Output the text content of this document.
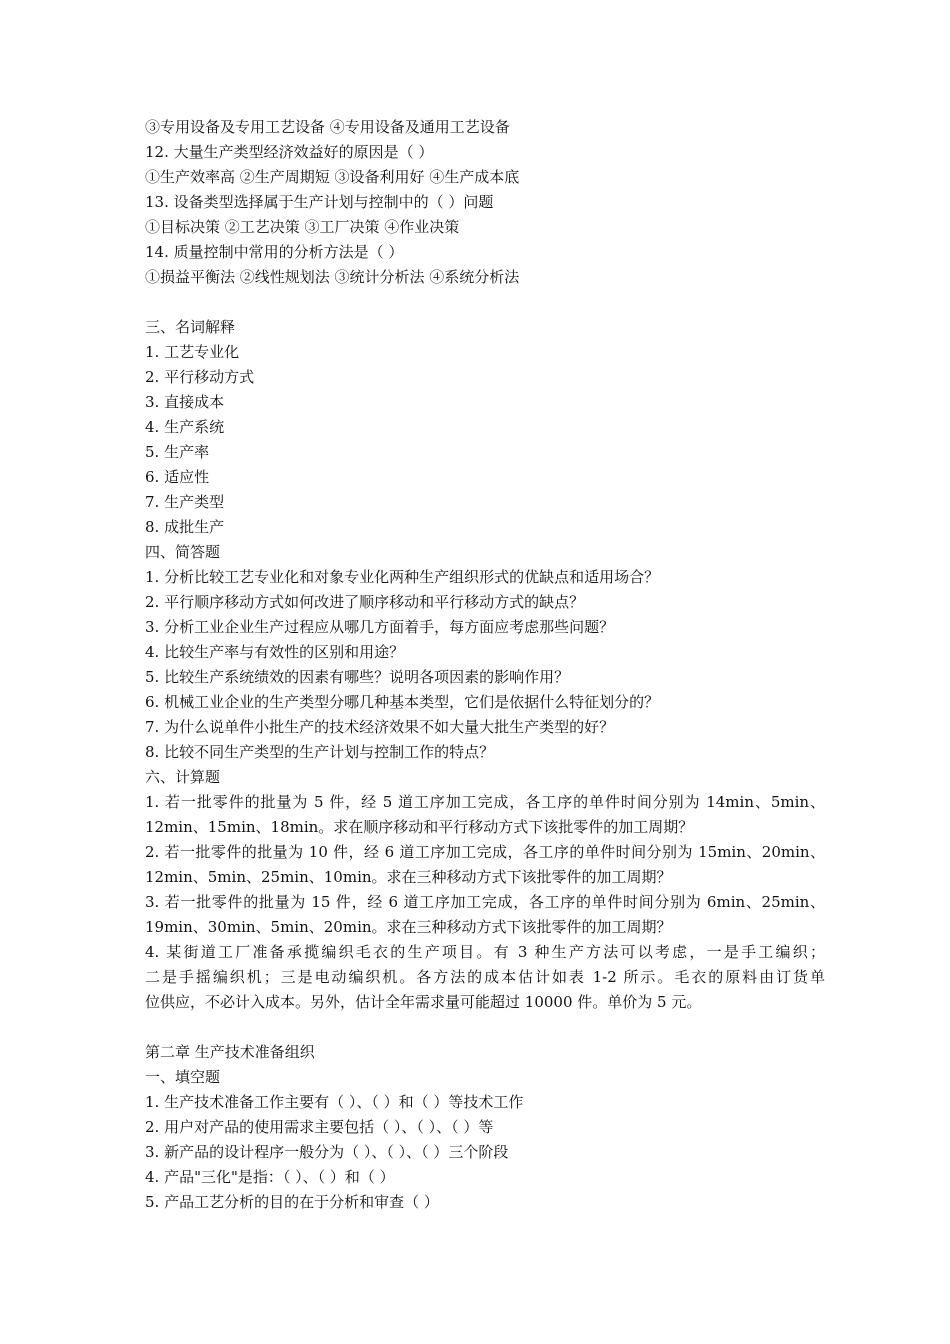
③专用设备及专用工艺设备 ④专用设备及通用工艺设备
12. 大量生产类型经济效益好的原因是（ ）
①生产效率高 ②生产周期短 ③设备利用好 ④生产成本底
13. 设备类型选择属于生产计划与控制中的（ ）问题
①目标决策 ②工艺决策 ③工厂决策 ④作业决策
14. 质量控制中常用的分析方法是（ ）
①损益平衡法 ②线性规划法 ③统计分析法 ④系统分析法
三、名词解释
1. 工艺专业化
2. 平行移动方式
3. 直接成本
4. 生产系统
5. 生产率
6. 适应性
7. 生产类型
8. 成批生产
四、简答题
1. 分析比较工艺专业化和对象专业化两种生产组织形式的优缺点和适用场合？
2. 平行顺序移动方式如何改进了顺序移动和平行移动方式的缺点？
3. 分析工业企业生产过程应从哪几方面着手，每方面应考虑那些问题？
4. 比较生产率与有效性的区别和用途？
5. 比较生产系统绩效的因素有哪些？说明各项因素的影响作用？
6. 机械工业企业的生产类型分哪几种基本类型，它们是依据什么特征划分的？
7. 为什么说单件小批生产的技术经济效果不如大量大批生产类型的好？
8. 比较不同生产类型的生产计划与控制工作的特点？
六、计算题
1. 若一批零件的批量为 5 件，经 5 道工序加工完成，各工序的单件时间分别为 14min、5min、
12min、15min、18min。求在顺序移动和平行移动方式下该批零件的加工周期？
2. 若一批零件的批量为 10 件，经 6 道工序加工完成，各工序的单件时间分别为 15min、20min、
12min、5min、25min、10min。求在三种移动方式下该批零件的加工周期？
3. 若一批零件的批量为 15 件，经 6 道工序加工完成，各工序的单件时间分别为 6min、25min、
19min、30min、5min、20min。求在三种移动方式下该批零件的加工周期？
4. 某街道工厂准备承揽编织毛衣的生产项目。有 3 种生产方法可以考虑，一是手工编织；
二是手摇编织机；三是电动编织机。各方法的成本估计如表 1-2 所示。毛衣的原料由订货单
位供应，不必计入成本。另外，估计全年需求量可能超过 10000 件。单价为 5 元。
第二章 生产技术准备组织
一、填空题
1. 生产技术准备工作主要有（ ）、（ ）和（ ）等技术工作
2. 用户对产品的使用需求主要包括（ ）、（ ）、（ ）等
3. 新产品的设计程序一般分为（ ）、（ ）、（ ）三个阶段
4. 产品"三化"是指：（ ）、（ ）和（ ）
5. 产品工艺分析的目的在于分析和审查（ ）
